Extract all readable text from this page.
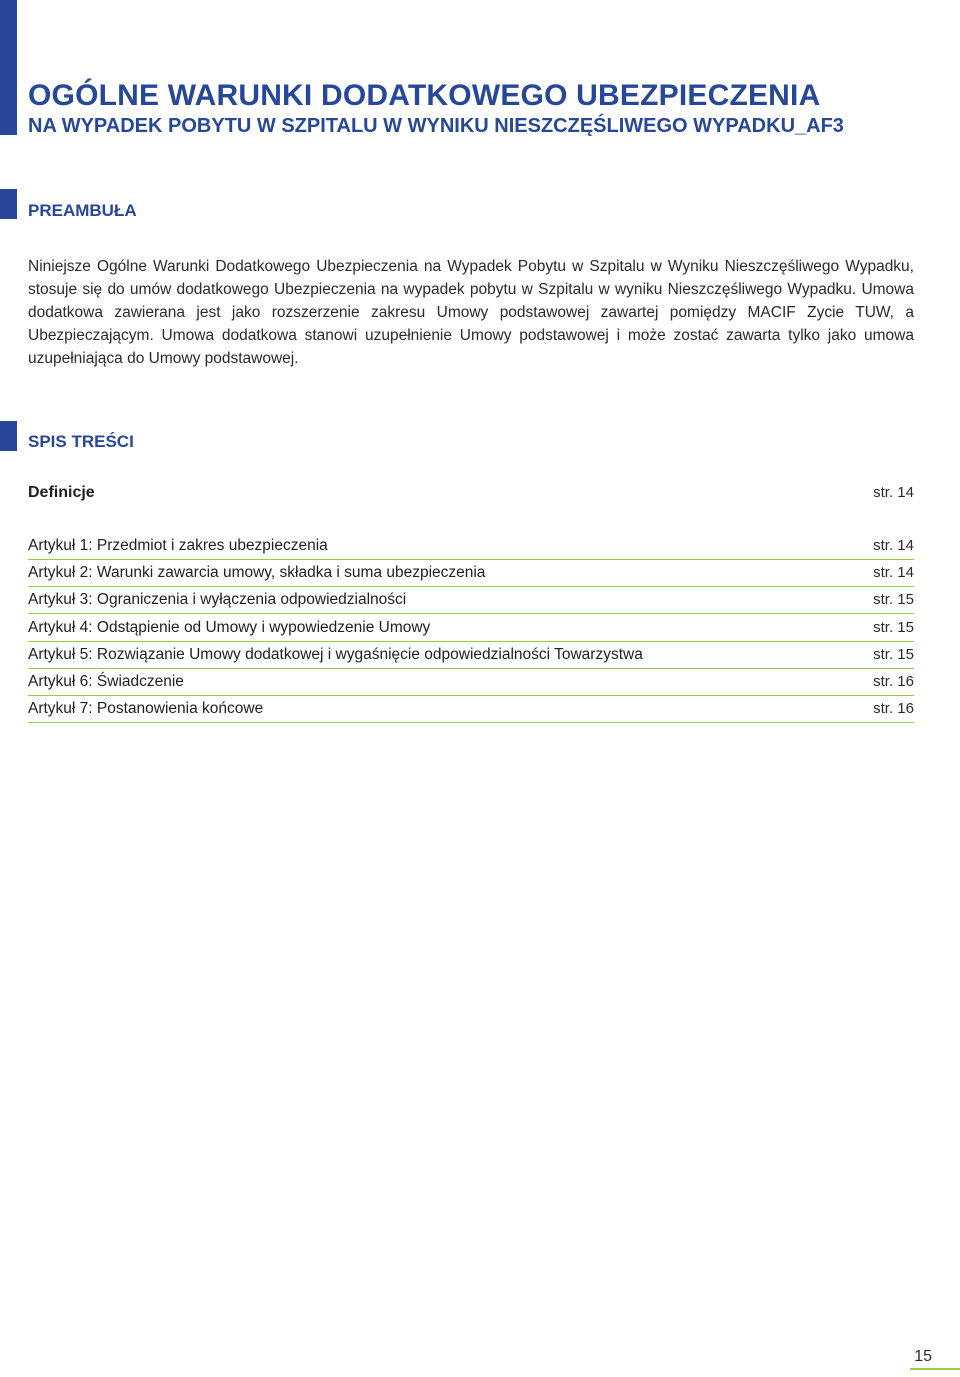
OGÓLNE WARUNKI DODATKOWEGO UBEZPIECZENIA
NA WYPADEK POBYTU W SZPITALU W WYNIKU NIESZCZĘŚLIWEGO WYPADKU_AF3
PREAMBUŁA

Niniejsze Ogólne Warunki Dodatkowego Ubezpieczenia na Wypadek Pobytu w Szpitalu w Wyniku Nieszczęśliwego Wypadku, stosuje się do umów dodatkowego Ubezpieczenia na wypadek pobytu w Szpitalu w wyniku Nieszczęśliwego Wypadku. Umowa dodatkowa zawierana jest jako rozszerzenie zakresu Umowy podstawowej zawartej pomiędzy MACIF Zycie TUW, a Ubezpieczającym. Umowa dodatkowa stanowi uzupełnienie Umowy podstawowej i może zostać zawarta tylko jako umowa uzupełniająca do Umowy podstawowej.

SPIS TREŚCI
Definicje	str. 14
Artykuł 1: Przedmiot i zakres ubezpieczenia	str. 14
Artykuł 2: Warunki zawarcia umowy, składka i suma ubezpieczenia	str. 14
Artykuł 3: Ograniczenia i wyłączenia odpowiedzialności	str. 15
Artykuł 4: Odstąpienie od Umowy i wypowiedzenie Umowy	str. 15
Artykuł 5: Rozwiązanie Umowy dodatkowej i wygaśnięcie odpowiedzialności Towarzystwa	str. 15
Artykuł 6: Świadczenie	str. 16
Artykuł 7: Postanowienia końcowe	str. 16
15
